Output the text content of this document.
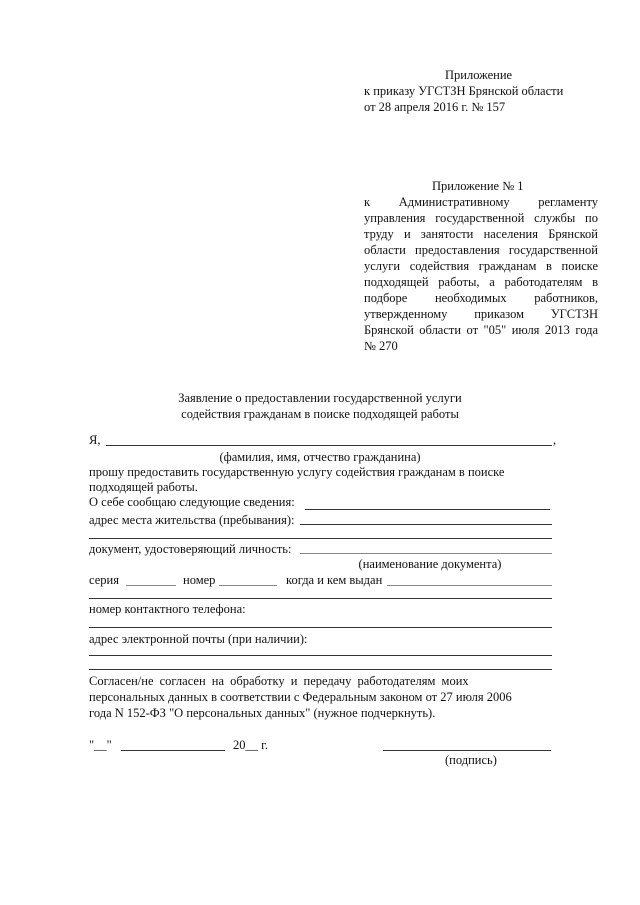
Приложение
к приказу УГСТЗН Брянской области
от 28 апреля 2016 г. № 157
Приложение № 1
к Административному регламенту
управления государственной службы по
труду и занятости населения Брянской
области предоставления государственной
услуги содействия гражданам в поиске
подходящей работы, а работодателям в
подборе необходимых работников,
утвержденному приказом УГСТЗН
Брянской области от "05" июля 2013 года
№ 270
Заявление о предоставлении государственной услуги
содействия гражданам в поиске подходящей работы
Я,	,
(фамилия, имя, отчество гражданина)
прошу предоставить государственную услугу содействия гражданам в поиске
подходящей работы.
О себе сообщаю следующие сведения:
адрес места жительства (пребывания):
документ, удостоверяющий личность:
(наименование документа)
серия	номер	когда и кем выдан
номер контактного телефона:
адрес электронной почты (при наличии):
Согласен/не согласен на обработку и передачу работодателям моих
персональных данных в соответствии с Федеральным законом от 27 июля 2006
года N 152-ФЗ "О персональных данных" (нужное подчеркнуть).
"__"	20__ г.
(подпись)
